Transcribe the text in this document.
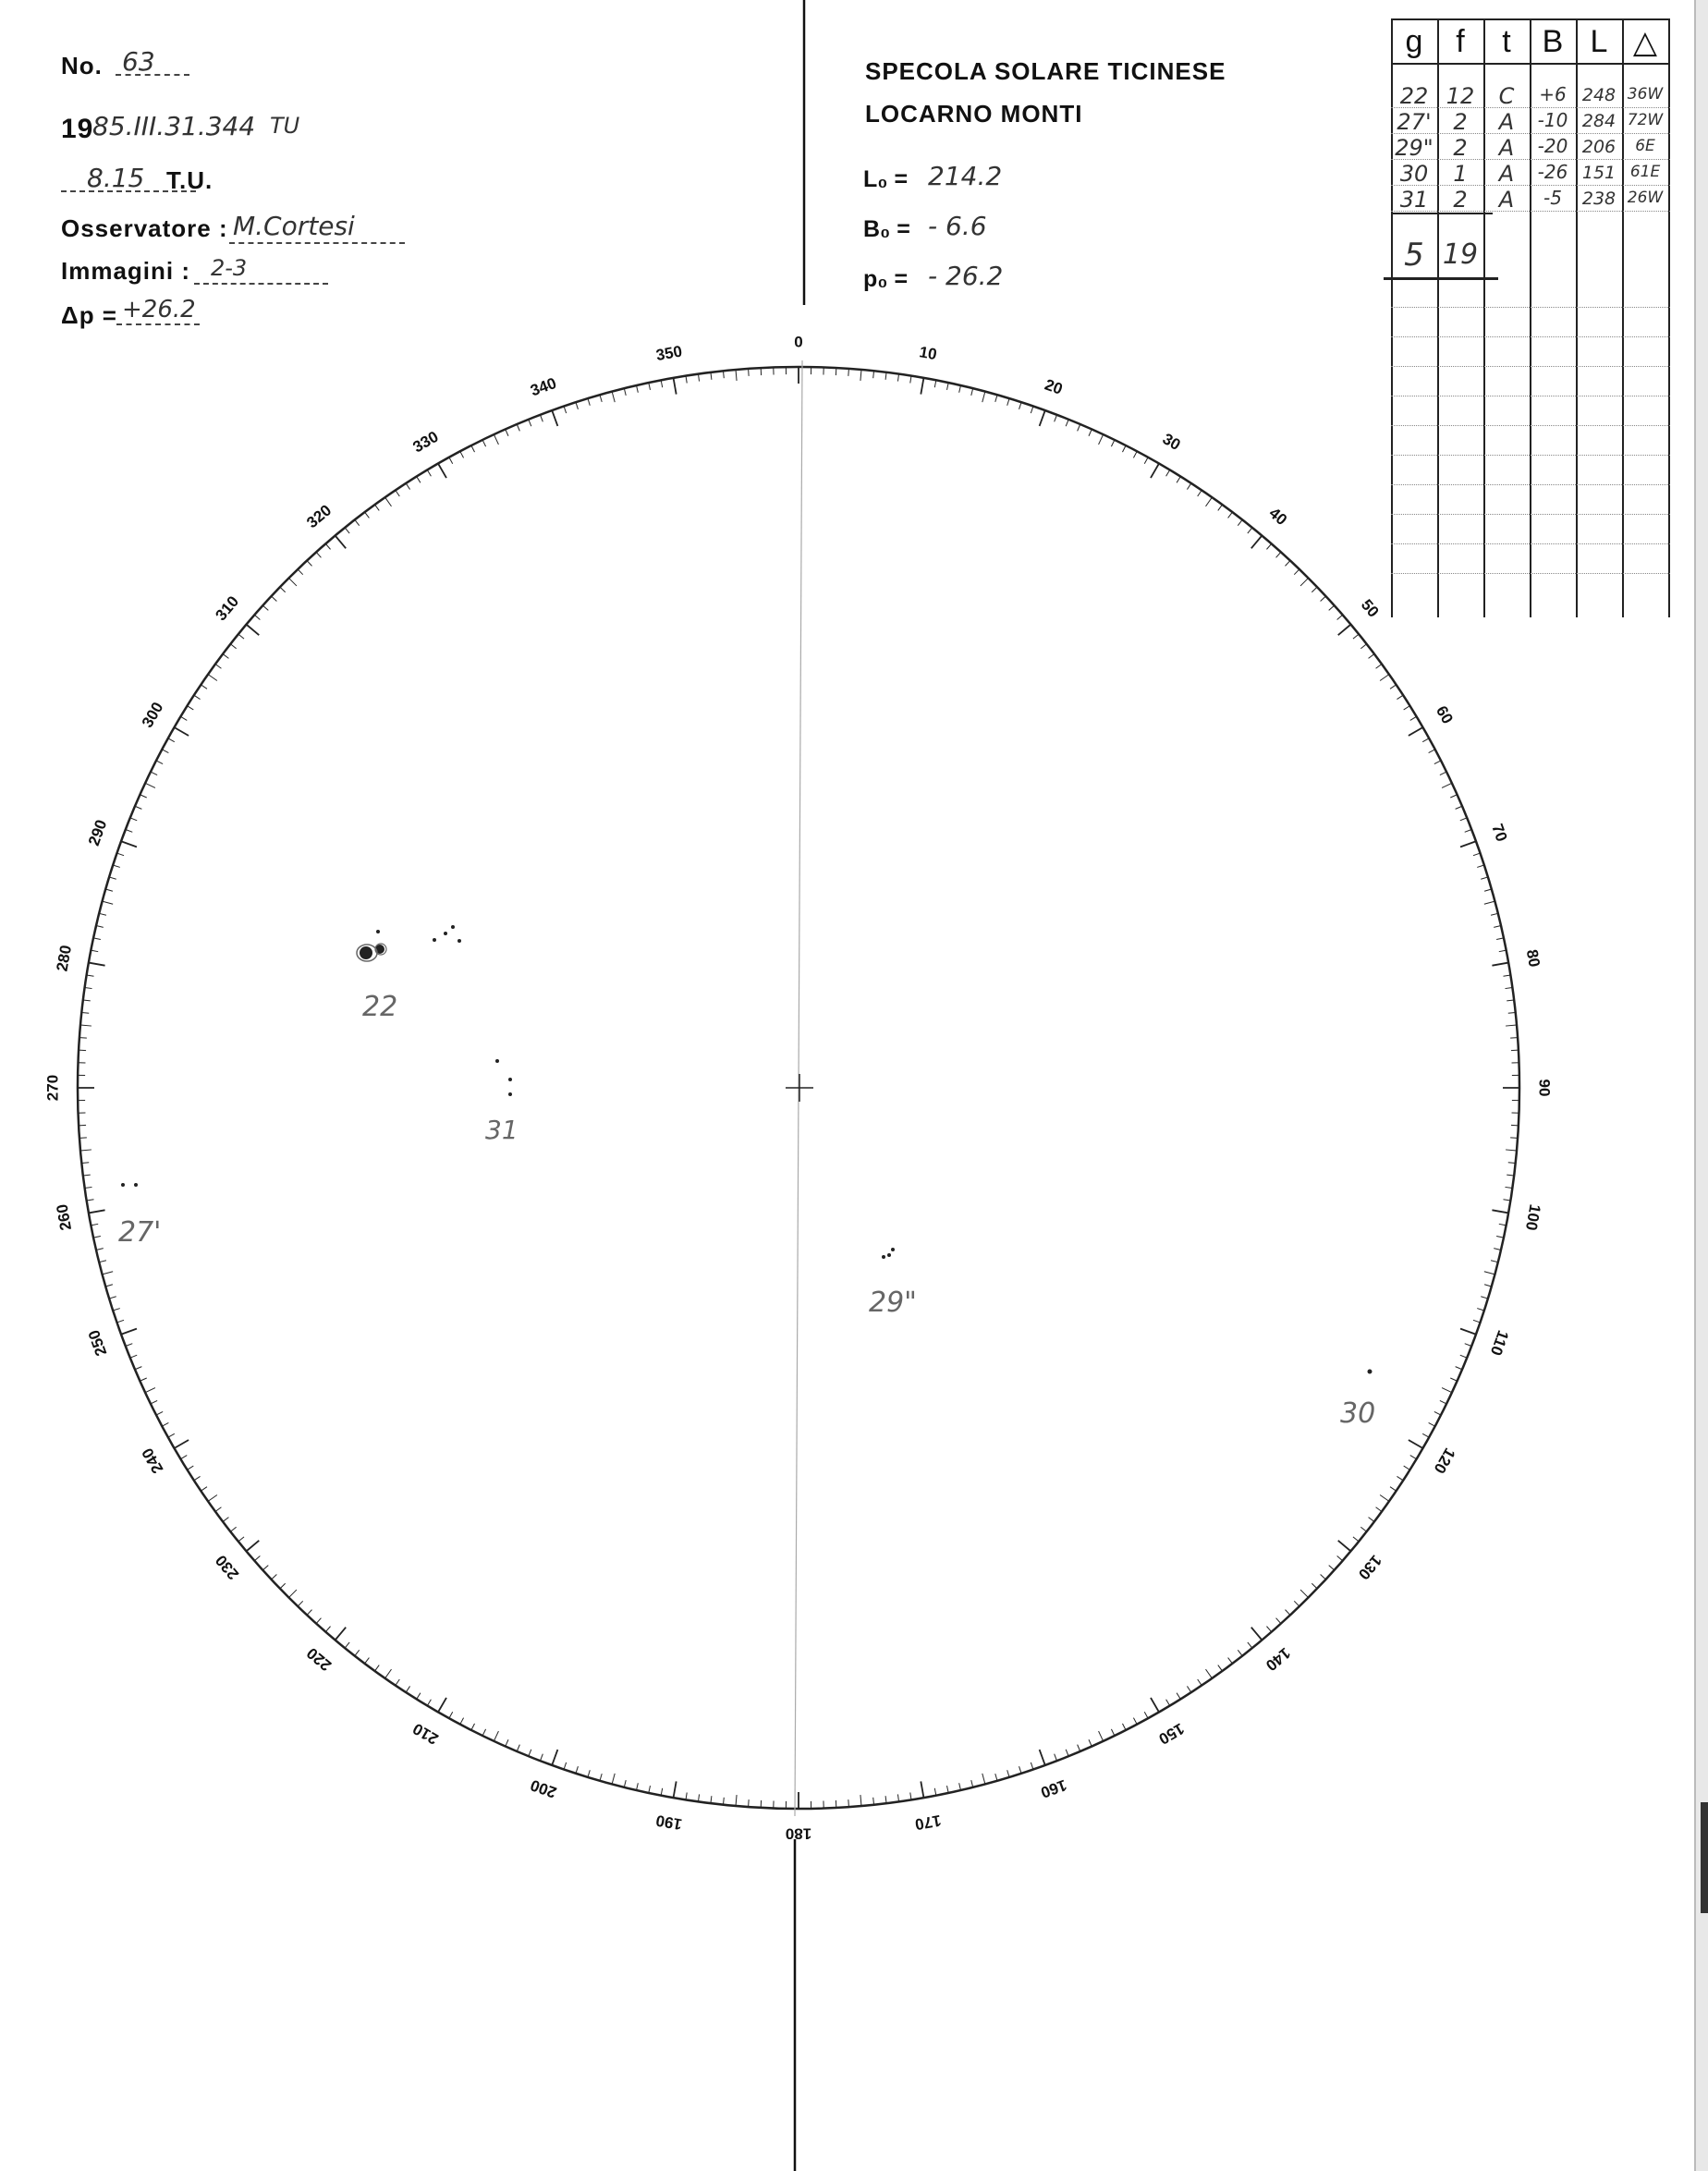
No. 63
19
85.III.31.344 TU
8.15 T.U.
Osservatore : M.Cortesi
Immagini : 2-3
Δp = +26.2
SPECOLA SOLARE TICINESE
LOCARNO MONTI
L₀ = 214.2
B₀ = - 6.6
p₀ = - 26.2
g	f	t B L △
22 12	C	+6 248 36W
27' 2	A	-10 284 72W
29" 2	A	-20 206	6E
30	1	A	-26 151 61E
31	2	A	-5	238 26W
5 19
0
10
20
30
40
50
60
70
80
90
100
110
120
130
140
150
160
170
180
190
200
210
220
230
240
250
260
270
280
290
300
310
320
330
340
350
22
31
27'
29"
30
